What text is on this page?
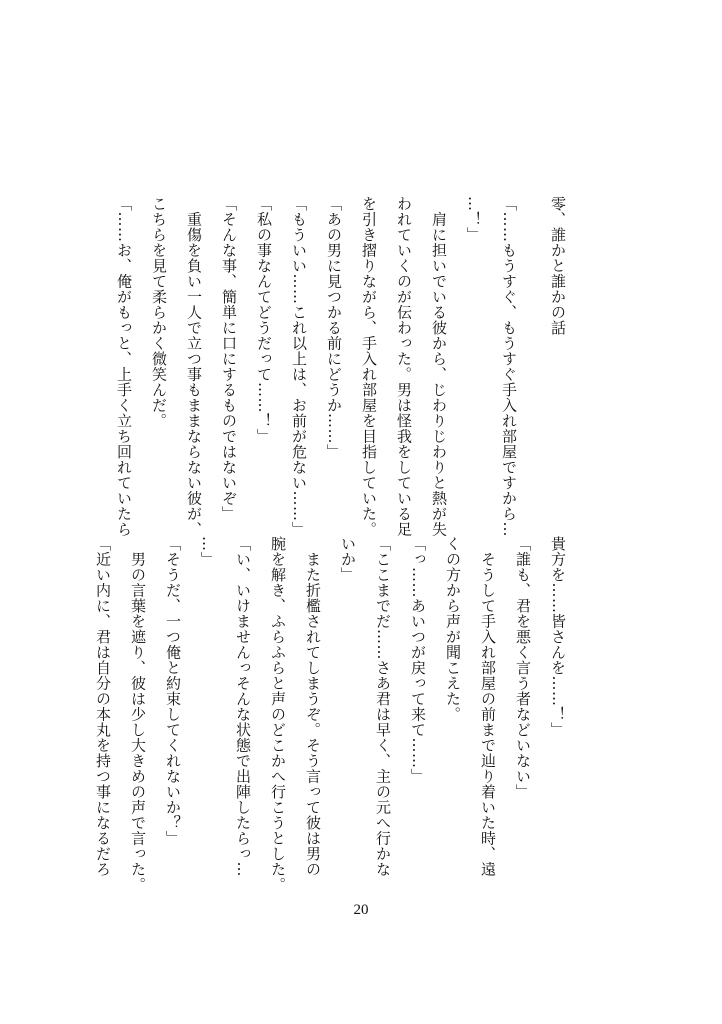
零、誰かと誰かの話
「……もうすぐ、もうすぐ手入れ部屋ですから…
…！」
　肩に担いでいる彼から、じわりじわりと熱が失
われていくのが伝わった。男は怪我をしている足
を引き摺りながら、手入れ部屋を目指していた。
「あの男に見つかる前にどうか……」
「もういい……これ以上は、お前が危ない……」
「私の事なんてどうだって……！」
「そんな事、簡単に口にするものではないぞ」
　重傷を負い一人で立つ事もままならない彼が、
こちらを見て柔らかく微笑んだ。
「……お、俺がもっと、上手く立ち回れていたら
貴方を……皆さんを……！」
「誰も、君を悪く言う者などいない」
　そうして手入れ部屋の前まで辿り着いた時、遠
くの方から声が聞こえた。
「っ……あいつが戻って来て……」
「ここまでだ……さあ君は早く、主の元へ行かな
いか」
　また折檻されてしまうぞ。そう言って彼は男の
腕を解き、ふらふらと声のどこかへ行こうとした。
「い、いけませんっそんな状態で出陣したらっ…
…」
「そうだ、一つ俺と約束してくれないか？」
　男の言葉を遮り、彼は少し大きめの声で言った。
「近い内に、君は自分の本丸を持つ事になるだろ
20
